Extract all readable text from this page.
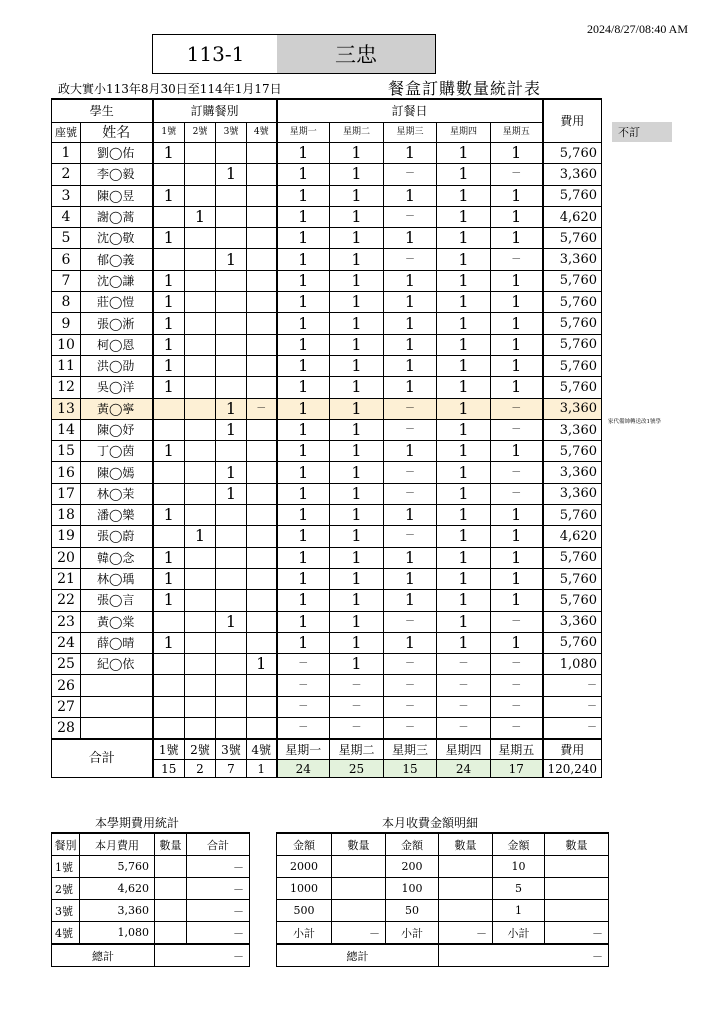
2024/8/27/08:40 AM
113-1	三忠
政大實小113年8月30日至114年1月17日	餐盒訂購數量統計表
不訂
家代備帥轉送改1號學
學生		訂購餐別				訂餐日					費用
座號	姓名	1號	2號	3號	4號	星期一	星期二	星期三	星期四	星期五	
1	劉◯佑	1				1	1	1	1	1	5,760
2	李◯毅			1		1	1	－	1	－	3,360
3	陳◯昱	1				1	1	1	1	1	5,760
4	謝◯蒿		1			1	1	－	1	1	4,620
5	沈◯敬	1				1	1	1	1	1	5,760
6	郁◯義			1		1	1	－	1	－	3,360
7	沈◯謙	1				1	1	1	1	1	5,760
8	莊◯愷	1				1	1	1	1	1	5,760
9	張◯淅	1				1	1	1	1	1	5,760
10	柯◯恩	1				1	1	1	1	1	5,760
11	洪◯劭	1				1	1	1	1	1	5,760
12	吳◯洋	1				1	1	1	1	1	5,760
13	黃◯寧			1	－	1	1	－	1	－	3,360
14	陳◯妤			1		1	1	－	1	－	3,360
15	丁◯茵	1				1	1	1	1	1	5,760
16	陳◯嫣			1		1	1	－	1	－	3,360
17	林◯茉			1		1	1	－	1	－	3,360
18	潘◯樂	1				1	1	1	1	1	5,760
19	張◯蔚		1			1	1	－	1	1	4,620
20	韓◯念	1				1	1	1	1	1	5,760
21	林◯瑀	1				1	1	1	1	1	5,760
22	張◯言	1				1	1	1	1	1	5,760
23	黃◯棠			1		1	1	－	1	－	3,360
24	薛◯晴	1				1	1	1	1	1	5,760
25	紀◯依				1	－	1	－	－	－	1,080
26						－	－	－	－	－	－
27						－	－	－	－	－	－
28						－	－	－	－	－	－
合計		1號	2號	3號	4號	星期一	星期二	星期三	星期四	星期五	費用
		15	2	7	1	24	25	15	24	17	120,240
本學期費用統計
餐別	本月費用	數量	合計
1號	5,760		－
2號	4,620		－
3號	3,360		－
4號	1,080		－
總計		－	
本月收費金額明細
金額	數量	金額	數量	金額	數量
2000		200		10	
1000		100		5	
500		50		1	
小計	－	小計	－	小計	－
總計			－		
